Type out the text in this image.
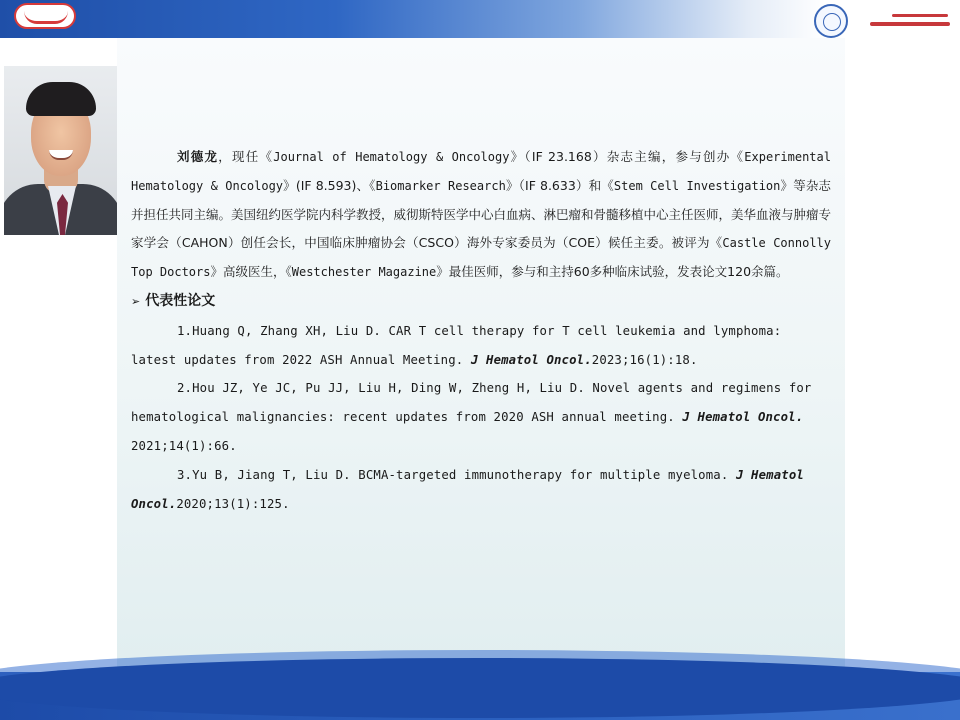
刘德龙，现任《Journal of Hematology & Oncology》（IF 23.168）杂志主编，参与创办《Experimental Hematology & Oncology》(IF 8.593)、《Biomarker Research》（IF 8.633）和《Stem Cell Investigation》等杂志并担任共同主编。美国纽约医学院内科学教授，威彻斯特医学中心白血病、淋巴瘤和骨髓移植中心主任医师，美华血液与肿瘤专家学会（CAHON）创任会长，中国临床肿瘤协会（CSCO）海外专家委员为（COE）候任主委。被评为《Castle Connolly Top Doctors》高级医生，《Westchester Magazine》最佳医师，参与和主持60多种临床试验，发表论文120余篇。

➢ 代表性论文

1.Huang Q, Zhang XH, Liu D. CAR T cell therapy for T cell leukemia and lymphoma: latest updates from 2022 ASH Annual Meeting. J Hematol Oncol.2023;16(1):18.

2.Hou JZ, Ye JC, Pu JJ, Liu H, Ding W, Zheng H, Liu D. Novel agents and regimens for hematological malignancies: recent updates from 2020 ASH annual meeting. J Hematol Oncol. 2021;14(1):66.

3.Yu B, Jiang T, Liu D. BCMA-targeted immunotherapy for multiple myeloma. J Hematol Oncol.2020;13(1):125.
